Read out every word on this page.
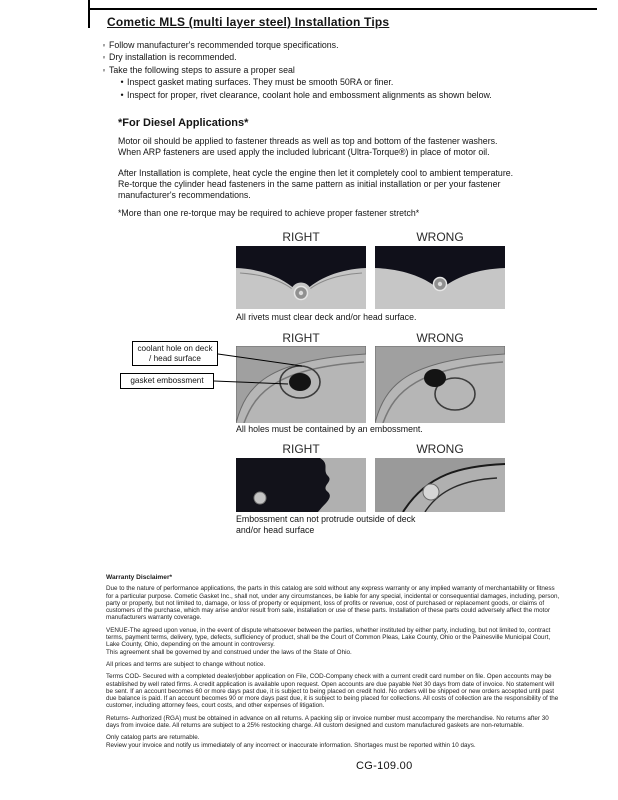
Cometic MLS (multi layer steel) Installation Tips
◦ Follow manufacturer's recommended torque specifications.
◦ Dry installation is recommended.
◦ Take the following steps to assure a proper seal
• Inspect gasket mating surfaces. They must be smooth 50RA or finer.
• Inspect for proper, rivet clearance, coolant hole and embossment alignments as shown below.
*For Diesel Applications*
Motor oil should be applied to fastener threads as well as top and bottom of the fastener washers. When ARP fasteners are used apply the included lubricant (Ultra-Torque®) in place of motor oil.
After Installation is complete, heat cycle the engine then let it completely cool to ambient temperature. Re-torque the cylinder head fasteners in the same pattern as initial installation or per your fastener manufacturer's recommendations.
*More than one re-torque may be required to achieve proper fastener stretch*
RIGHT	WRONG
All rivets must clear deck and/or head surface.
RIGHT	WRONG
coolant hole on deck / head surface
gasket embossment
All holes must be contained by an embossment.
RIGHT	WRONG
Embossment can not protrude outside of deck
and/or head surface
Warranty Disclaimer*
Due to the nature of performance applications, the parts in this catalog are sold without any express warranty or any implied warranty of merchantability or fitness for a particular purpose. Cometic Gasket Inc., shall not, under any circumstances, be liable for any special, incidental or consequential damages, including, person, party or property, but not limited to, damage, or loss of property or equipment, loss of profits or revenue, cost of purchased or replacement goods, or claims of customers of the purchase, which may arise and/or result from sale, installation or use of these parts. Installation of these parts could adversely affect the motor manufacturers warranty coverage.
VENUE-The agreed upon venue, in the event of dispute whatsoever between the parties, whether instituted by either party, including, but not limited to, contract terms, payment terms, delivery, type, defects, sufficiency of product, shall be the Court of Common Pleas, Lake County, Ohio or the Painesville Municipal Court, Lake County, Ohio, depending on the amount in controversy.
This agreement shall be governed by and construed under the laws of the State of Ohio.
All prices and terms are subject to change without notice.
Terms COD- Secured with a completed dealer/jobber application on File, COD-Company check with a current credit card number on file. Open accounts may be established by well rated firms. A credit application is available upon request. Open accounts are due payable Net 30 days from date of invoice. No statement will be sent. If an account becomes 60 or more days past due, it is subject to being placed on credit hold. No orders will be shipped or new orders accepted until past due balance is paid. If an account becomes 90 or more days past due, it is subject to being placed for collections. All costs of collection are the responsibility of the customer, including attorney fees, court costs, and other expenses of litigation.
Returns- Authorized (RGA) must be obtained in advance on all returns. A packing slip or invoice number must accompany the merchandise. No returns after 30 days from invoice date. All returns are subject to a 25% restocking charge. All custom designed and custom manufactured gaskets are non-returnable.
Only catalog parts are returnable.
Review your invoice and notify us immediately of any incorrect or inaccurate information. Shortages must be reported within 10 days.
CG-109.00
